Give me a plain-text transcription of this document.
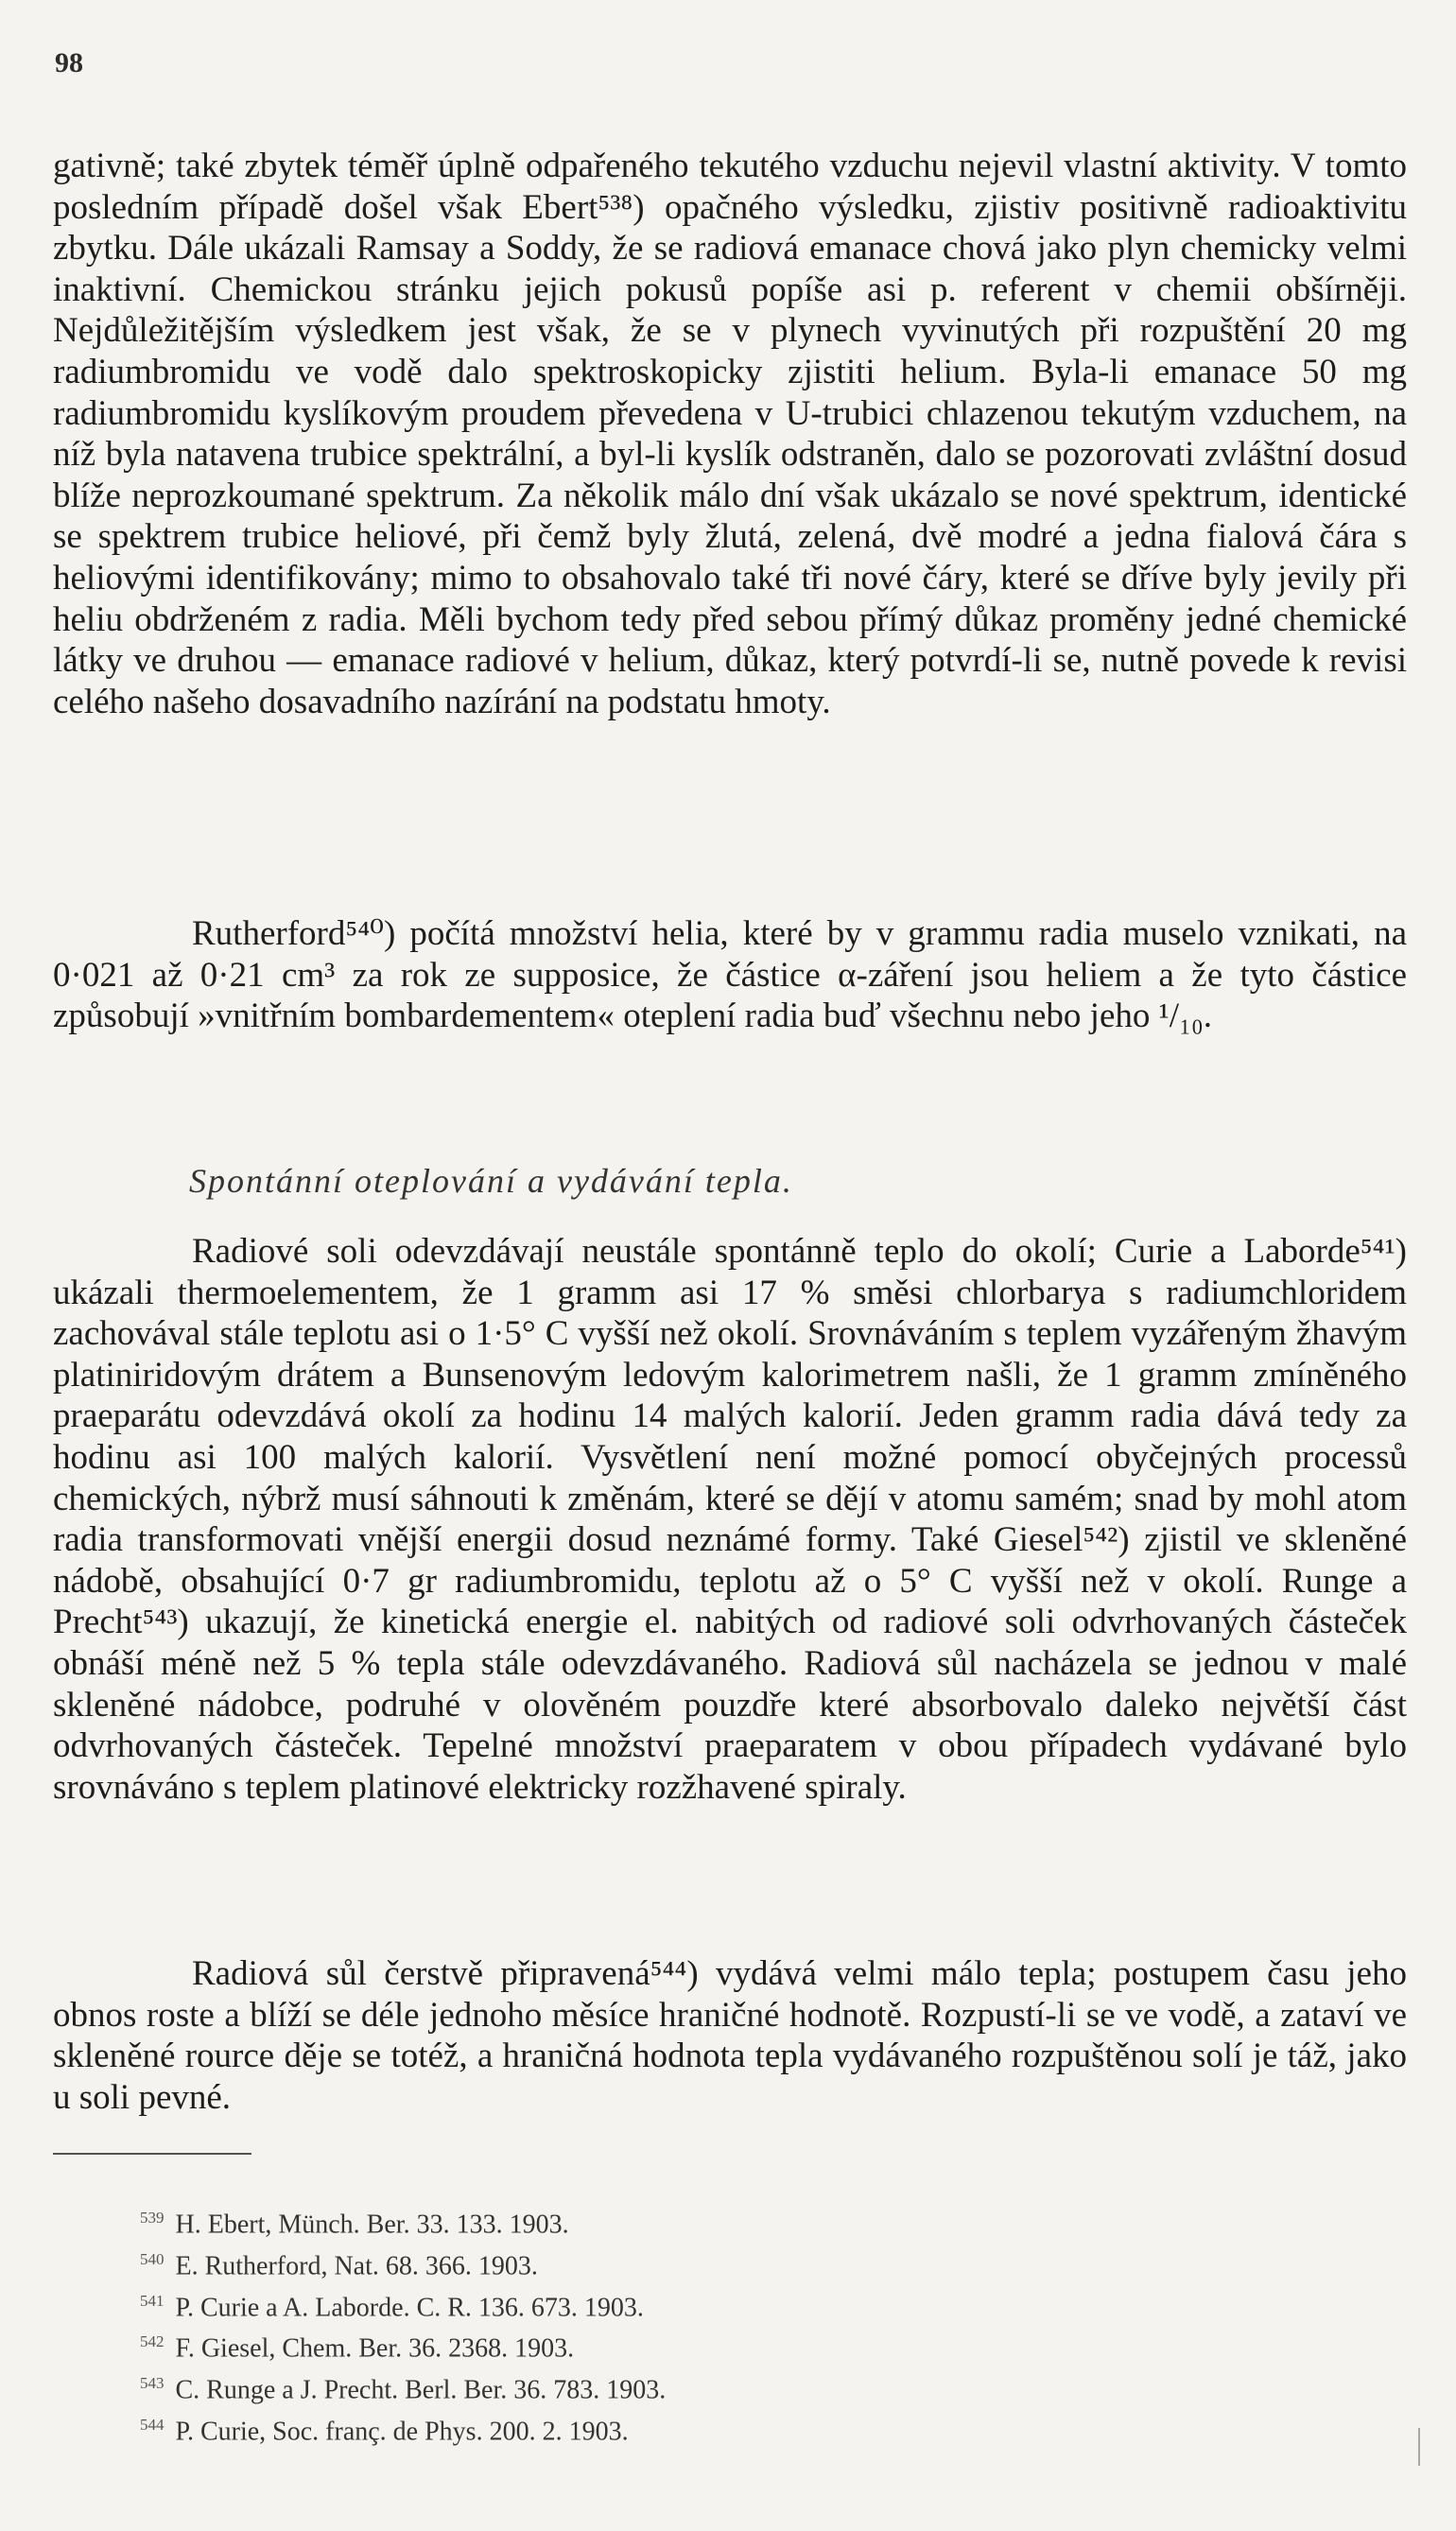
98

gativně; také zbytek téměř úplně odpařeného tekutého vzduchu nejevil vlastní aktivity. V tomto posledním případě došel však Ebert⁵³⁸) opačného výsledku, zjistiv positivně radioaktivitu zbytku. Dále ukázali Ramsay a Soddy, že se radiová emanace chová jako plyn chemicky velmi inaktivní. Chemickou stránku jejich pokusů popíše asi p. referent v chemii obšírněji. Nejdůležitějším výsledkem jest však, že se v plynech vyvinutých při rozpuštění 20 mg radiumbromidu ve vodě dalo spektroskopicky zjistiti helium. Byla-li emanace 50 mg radiumbromidu kyslíkovým proudem převedena v U-trubici chlazenou tekutým vzduchem, na níž byla natavena trubice spektrální, a byl-li kyslík odstraněn, dalo se pozorovati zvláštní dosud blíže neprozkoumané spektrum. Za několik málo dní však ukázalo se nové spektrum, identické se spektrem trubice heliové, při čemž byly žlutá, zelená, dvě modré a jedna fialová čára s heliovými identifikovány; mimo to obsahovalo také tři nové čáry, které se dříve byly jevily při heliu obdrženém z radia. Měli bychom tedy před sebou přímý důkaz proměny jedné chemické látky ve druhou — emanace radiové v helium, důkaz, který potvrdí-li se, nutně povede k revisi celého našeho dosavadního nazírání na podstatu hmoty.

Rutherford⁵⁴⁰) počítá množství helia, které by v grammu radia muselo vznikati, na 0·021 až 0·21 cm³ za rok ze supposice, že částice α-záření jsou heliem a že tyto částice způsobují »vnitřním bombardementem« oteplení radia buď všechnu nebo jeho ¹/₁₀.

Spontánní oteplování a vydávání tepla.

Radiové soli odevzdávají neustále spontánně teplo do okolí; Curie a Laborde⁵⁴¹) ukázali thermoelementem, že 1 gramm asi 17 % směsi chlorbarya s radiumchloridem zachovával stále teplotu asi o 1·5° C vyšší než okolí. Srovnáváním s teplem vyzářeným žhavým platiniridovým drátem a Bunsenovým ledovým kalorimetrem našli, že 1 gramm zmíněného praeparátu odevzdává okolí za hodinu 14 malých kalorií. Jeden gramm radia dává tedy za hodinu asi 100 malých kalorií. Vysvětlení není možné pomocí obyčejných processů chemických, nýbrž musí sáhnouti k změnám, které se dějí v atomu samém; snad by mohl atom radia transformovati vnější energii dosud neznámé formy. Také Giesel⁵⁴²) zjistil ve skleněné nádobě, obsahující 0·7 gr radiumbromidu, teplotu až o 5° C vyšší než v okolí. Runge a Precht⁵⁴³) ukazují, že kinetická energie el. nabitých od radiové soli odvrhovaných částeček obnáší méně než 5 % tepla stále odevzdávaného. Radiová sůl nacházela se jednou v malé skleněné nádobce, podruhé v olověném pouzdře které absorbovalo daleko největší část odvrhovaných částeček. Tepelné množství praeparatem v obou případech vydávané bylo srovnáváno s teplem platinové elektricky rozžhavené spiraly.

Radiová sůl čerstvě připravená⁵⁴⁴) vydává velmi málo tepla; postupem času jeho obnos roste a blíží se déle jednoho měsíce hraničné hodnotě. Rozpustí-li se ve vodě, a zataví ve skleněné rource děje se totéž, a hraničná hodnota tepla vydávaného rozpuštěnou solí je táž, jako u soli pevné.

$^{539}$ H. Ebert, Münch. Ber. 33. 133. 1903.
$^{540}$ E. Rutherford, Nat. 68. 366. 1903.
$^{541}$ P. Curie a A. Laborde. C. R. 136. 673. 1903.
$^{542}$ F. Giesel, Chem. Ber. 36. 2368. 1903.
$^{543}$ C. Runge a J. Precht. Berl. Ber. 36. 783. 1903.
$^{544}$ P. Curie, Soc. franç. de Phys. 200. 2. 1903.
